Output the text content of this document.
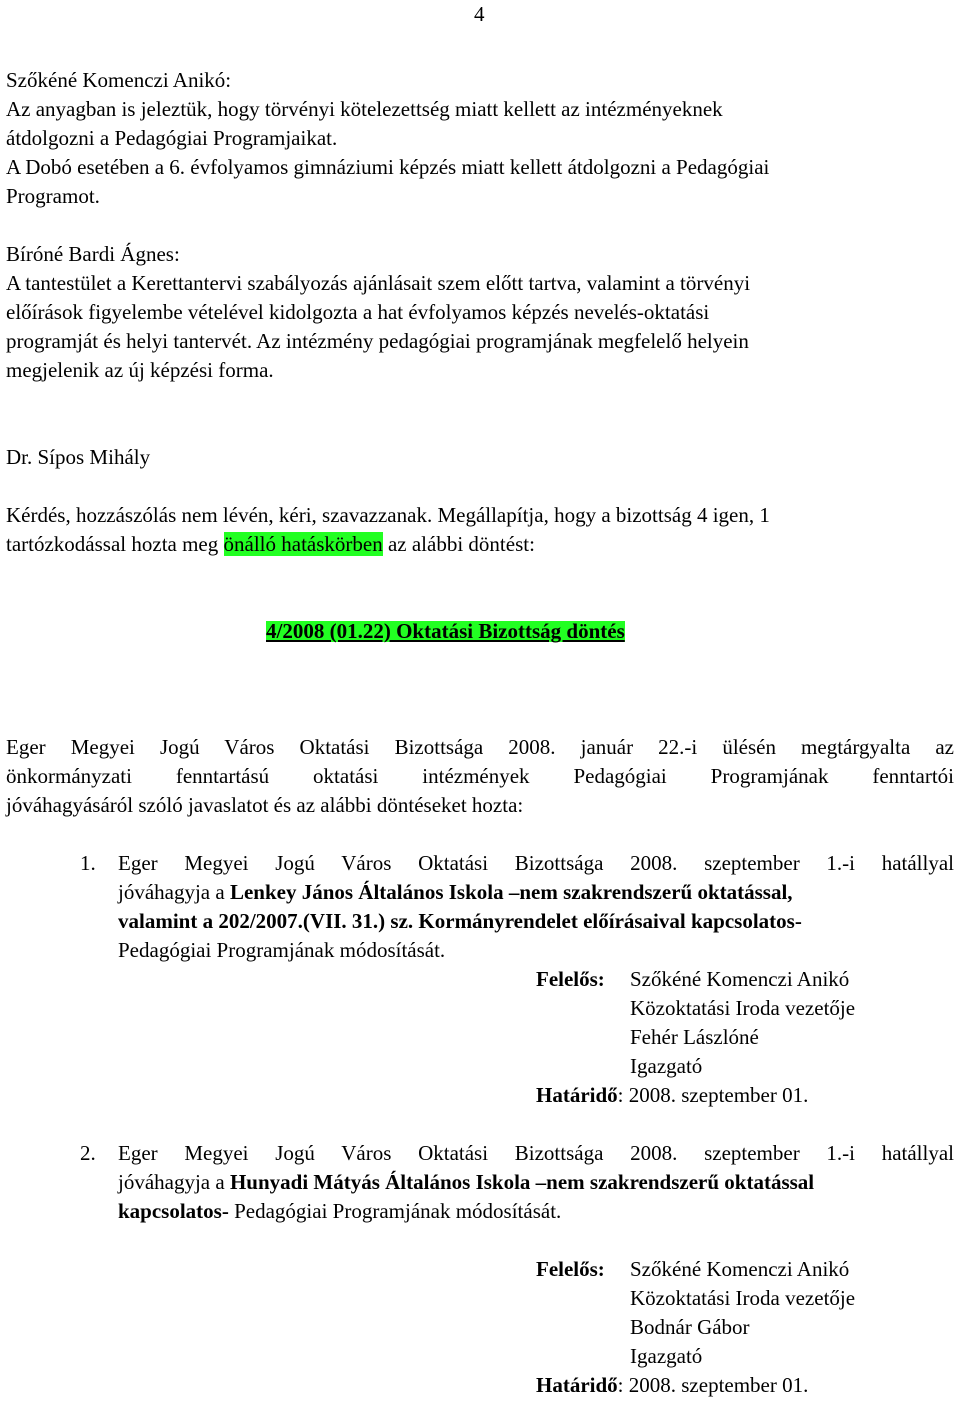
4
Szőkéné Komenczi Anikó:
Az anyagban is jeleztük, hogy törvényi kötelezettség miatt kellett az intézményeknek
átdolgozni a Pedagógiai Programjaikat.
A Dobó esetében a 6. évfolyamos gimnáziumi képzés miatt kellett átdolgozni a Pedagógiai
Programot.
Bíróné Bardi Ágnes:
A tantestület a Kerettantervi szabályozás ajánlásait szem előtt tartva, valamint a törvényi
előírások figyelembe vételével kidolgozta a hat évfolyamos képzés nevelés-oktatási
programját és helyi tantervét. Az intézmény pedagógiai programjának megfelelő helyein
megjelenik az új képzési forma.
Dr. Sípos Mihály
Kérdés, hozzászólás nem lévén, kéri, szavazzanak. Megállapítja, hogy a bizottság 4 igen, 1
tartózkodással hozta meg önálló hatáskörben az alábbi döntést:
4/2008 (01.22) Oktatási Bizottság döntés
Eger Megyei Jogú Város Oktatási Bizottsága 2008. január 22.-i ülésén megtárgyalta az
önkormányzati fenntartású oktatási intézmények Pedagógiai Programjának fenntartói
jóváhagyásáról szóló javaslatot és az alábbi döntéseket hozta:
1. Eger Megyei Jogú Város Oktatási Bizottsága 2008. szeptember 1.-i hatállyal
jóváhagyja a Lenkey János Általános Iskola –nem szakrendszerű oktatással,
valamint a 202/2007.(VII. 31.) sz. Kormányrendelet előírásaival kapcsolatos-
Pedagógiai Programjának módosítását.
Felelős: Szőkéné Komenczi Anikó
Közoktatási Iroda vezetője
Fehér Lászlóné
Igazgató
Határidő: 2008. szeptember 01.
2. Eger Megyei Jogú Város Oktatási Bizottsága 2008. szeptember 1.-i hatállyal
jóváhagyja a Hunyadi Mátyás Általános Iskola –nem szakrendszerű oktatással
kapcsolatos- Pedagógiai Programjának módosítását.
Felelős: Szőkéné Komenczi Anikó
Közoktatási Iroda vezetője
Bodnár Gábor
Igazgató
Határidő: 2008. szeptember 01.
